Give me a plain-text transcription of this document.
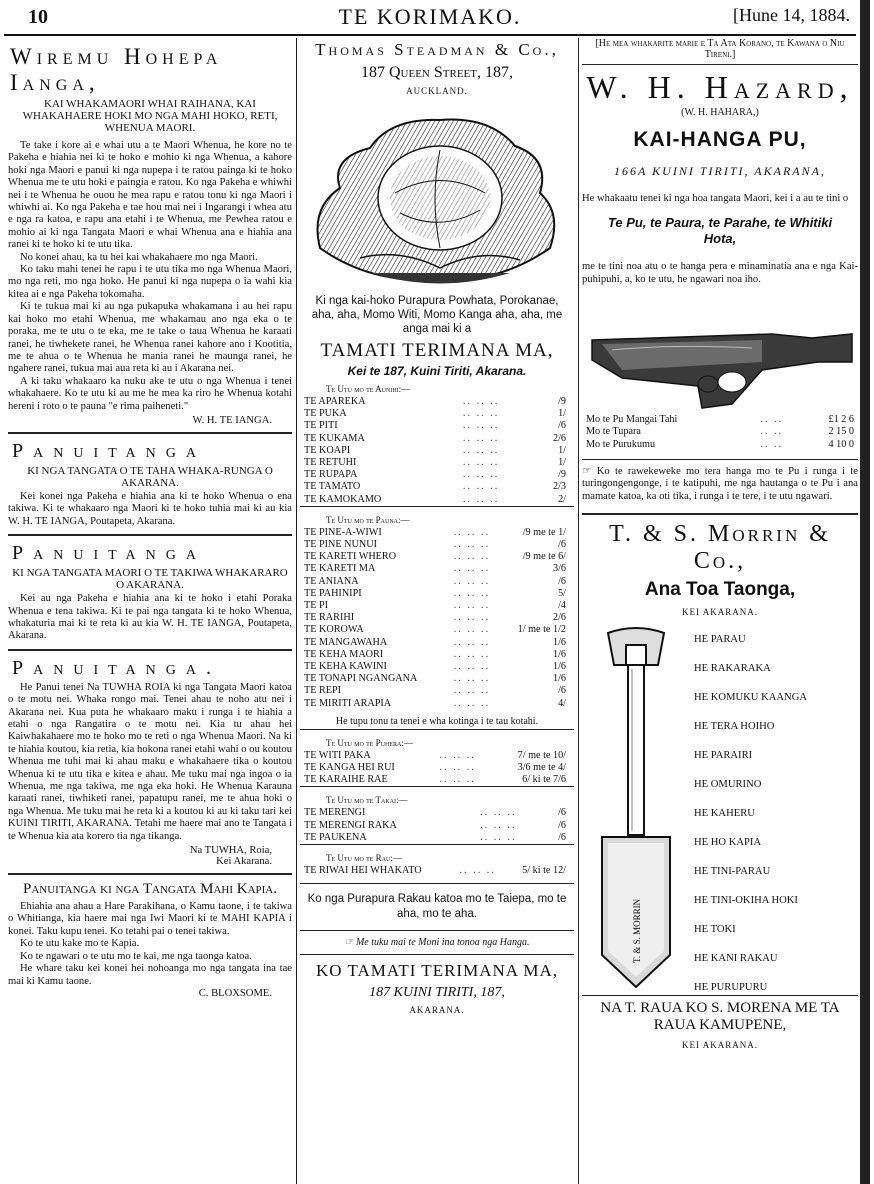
10	TE KORIMAKO.	[Hune 14, 1884.
Wiremu Hohepa Ianga,
KAI WHAKAMAORI WHAI RAIHANA, KAI WHAKAHAERE HOKI MO NGA MAHI HOKO, RETI, WHENUA MAORI.

Te take i kore ai e whai utu a te Maori Whenua, he kore no te Pakeha e hiahia nei ki te hoko e mohio ki nga Whenua, a kahore hoki nga Maori e panui ki nga nupepa i te ratou painga ki te hoko Whenua me te utu hoki e paingia e ratou. Ko nga Pakeha e whiwhi nei i te Whenua he ouou he mea rapu e ratou tonu ki nga Maori i whiwhi ai. Ko nga Pakeha e tae hou mai nei i Ingarangi i whea atu e nga ra katoa, e rapu ana etahi i te Whenua, me Pewhea ratou e mohio ai ki nga Tangata Maori e whai Whenua ana e hiahia ana ranei ki te hoko ki te utu tika.

No konei ahau, ka tu hei kai whakahaere mo nga Maori.

Ko taku mahi tenei he rapu i te utu tika mo nga Whenua Maori, mo nga reti, mo nga hoko. He panui ki nga nupepa o ia wahi kia kitea ai e nga Pakeha tokomaha.

Ki te tukua mai ki au nga pukapuka whakamana i au hei rapu kai hoko mo etahi Whenua, me whakamau ano nga eka o te poraka, me te utu o te eka, me te take o taua Whenua he karaati ranei, he tiwhekete ranei, he Whenua ranei kahore ano i Kootitia, me te ahua o te Whenua he mania ranei he maunga ranei, he ngahere ranei, tukua mai aua reta ki au i Akarana nei.

A ki taku whakaaro ka nuku ake te utu o nga Whenua i tenei whakahaere. Ko te utu ki au me he mea ka riro he Whenua kotahi hereni i roto o te pauna "e rima paiheneti."

W. H. TE IANGA.
Panuitanga
KI NGA TANGATA O TE TAHA WHAKA-RUNGA O AKARANA.

Kei konei nga Pakeha e hiahia ana ki te hoko Whenua o ena takiwa. Ki te whakaaro nga Maori ki te hoko tuhia mai ki au kia W. H. TE IANGA, Poutapeta, Akarana.

Panuitanga
KI NGA TANGATA MAORI O TE TAKIWA WHAKARARO O AKARANA.

Kei au nga Pakeha e hiahia ana ki te hoko i etahi Poraka Whenua e tena takiwa. Ki te pai nga tangata ki te hoko Whenua, whakaturia mai ki te reta ki au kia W. H. TE IANGA, Poutapeta, Akarana.

Panuitanga.

He Panui tenei Na TUWHA ROIA ki nga Tangata Maori katoa o te motu nei. Whaka rongo mai. Tenei ahau te noho atu nei i Akarana nei. Kua puta he whakaaro maku i runga i te hiahia a etahi o nga Rangatira o te motu nei. Kia tu ahau hei Kaiwhakahaere mo te hoko mo te reti o nga Whenua Maori. Na ki te hiahia koutou, kia retia, kia hokona ranei etahi wahi o ou koutou Whenua me tuhi mai ki ahau maku e whakahaere tika o koutou Whenua ki te utu tika e kitea e ahau. Me tuku mai nga ingoa o ia Whenua, me nga takiwa, me nga eka hoki. He Whenua Karauna karaati ranei, tiwhiketi ranei, papatupu ranei, me te ahua hoki o nga Whenua. Me tuku mai he reta ki a koutou ki au ki taku tari kei KUINI TIRITI, AKARANA. Tetahi me haere mai ano te Tangata i te Whenua kia ata korero tia nga tikanga.

Na TUWHA, Roia,
Kei Akarana.
Panuitanga ki nga Tangata Mahi Kapia.

Ehiahia ana ahau a Hare Parakihana, o Kamu taone, i te takiwa o Whitianga, kia haere mai nga Iwi Maori ki te MAHI KAPIA i konei. Taku kupu tenei. Ko tetahi pai o tenei takiwa.

Ko te utu kake mo te Kapia.

Ko te ngawari o te utu mo te kai, me nga taonga katoa.

He whare taku kei konei hei nohoanga mo nga tangata ina tae mai ki Kamu taone.

C. BLOXSOME.
Thomas Steadman & Co.,
187 Queen Street, 187,
AUCKLAND.

Ki nga kai-hoko Purapura Powhata, Porokanae, aha, aha, Momo Witi, Momo Kanga aha, aha, me anga mai ki a

TAMATI TERIMANA MA,
Kei te 187, Kuini Tiriti, Akarana.
Te Utu mo te Aunihi:—
TE APAREKA	.. .. ..	/9
TE PUKA	.. .. ..	1/
TE PITI	.. .. ..	/6
TE KUKAMA	.. .. ..	2/6
TE KOAPI	.. .. ..	1/
TE RETUHI	.. .. ..	1/
TE RUPAPA	.. .. ..	/9
TE TAMATO	.. .. ..	2/3
TE KAMOKAMO	.. .. ..	2/
Te Utu mo te Pauna:—
TE PINE-A-WIWI	.. .. ..	/9 me te 1/
TE PINE NUNUI	.. .. ..	/6
TE KARETI WHERO	.. .. ..	/9 me te 6/
TE KARETI MA	.. .. ..	3/6
TE ANIANA	.. .. ..	/6
TE PAHINIPI	.. .. ..	5/
TE PI	.. .. ..	/4
TE RARIHI	.. .. ..	2/6
TE KOROWA	.. .. ..	1/ me te 1/2
TE MANGAWAHA	.. .. ..	1/6
TE KEHA MAORI	.. .. ..	1/6
TE KEHA KAWINI	.. .. ..	1/6
TE TONAPI NGANGANA	.. .. ..	1/6
TE REPI	.. .. ..	/6
TE MIRITI ARAPIA	.. .. ..	4/
He tupu tonu ta tenei e wha kotinga i te tau kotahi.
Te Utu mo te Puhera:—
TE WITI PAKA	.. .. ..	7/ me te 10/
TE KANGA HEI RUI	.. .. ..	3/6 me te 4/
TE KARAIHE RAE	.. .. ..	6/ ki te 7/6
Te Utu mo te Takai:—
TE MERENGI	.. .. ..	/6
TE MERENGI RAKA	.. .. ..	/6
TE PAUKENA	.. .. ..	/6
Te Utu mo te Rau:—
TE RIWAI HEI WHAKATO	.. .. ..	5/ ki te 12/

Ko nga Purapura Rakau katoa mo te Taiepa, mo te aha, mo te aha.

☞ Me tuku mai te Moni ina tonoa nga Hanga.
KO TAMATI TERIMANA MA,
187 KUINI TIRITI, 187,
AKARANA.
[He mea whakarite marie e Ta Ata Korano, te Kawana o Niu Tireni.]
W. H. Hazard,
(W. H. HAHARA,)
KAI-HANGA PU,
166A KUINI TIRITI, AKARANA,

He whakaatu tenei ki nga hoa tangata Maori, kei i a au te tini o

Te Pu, te Paura, te Parahe, te Whitiki Hota,

me te tini noa atu o te hanga pera e minaminatia ana e nga Kai-puhipuhi, a, ko te utu, he ngawari noa iho.

Mo te Pu Mangai Tahi	.. ..	£1 2 6
Mo te Tupara	.. ..	2 15 0
Mo te Purukumu	.. ..	4 10 0

☞ Ko te rawekeweke mo tera hanga mo te Pu i runga i te turingongengonge, i te katipuhi, me nga hautanga o te Pu i ana mamate katoa, ka oti tika, i runga i te tere, i te utu ngawari.

T. & S. Morrin & Co.,
Ana Toa Taonga,
KEI AKARANA.
T. & S. MORRIN
HE PARAU
HE RAKARAKA
HE KOMUKU KAANGA
HE TERA HOIHO
HE PARAIRI
HE OMURINO
HE KAHERU
HE HO KAPIA
HE TINI-PARAU
HE TINI-OKIHA HOKI
HE TOKI
HE KANI RAKAU
HE PURUPURU
NA T. RAUA KO S. MORENA ME TA RAUA KAMUPENE,
KEI AKARANA.
